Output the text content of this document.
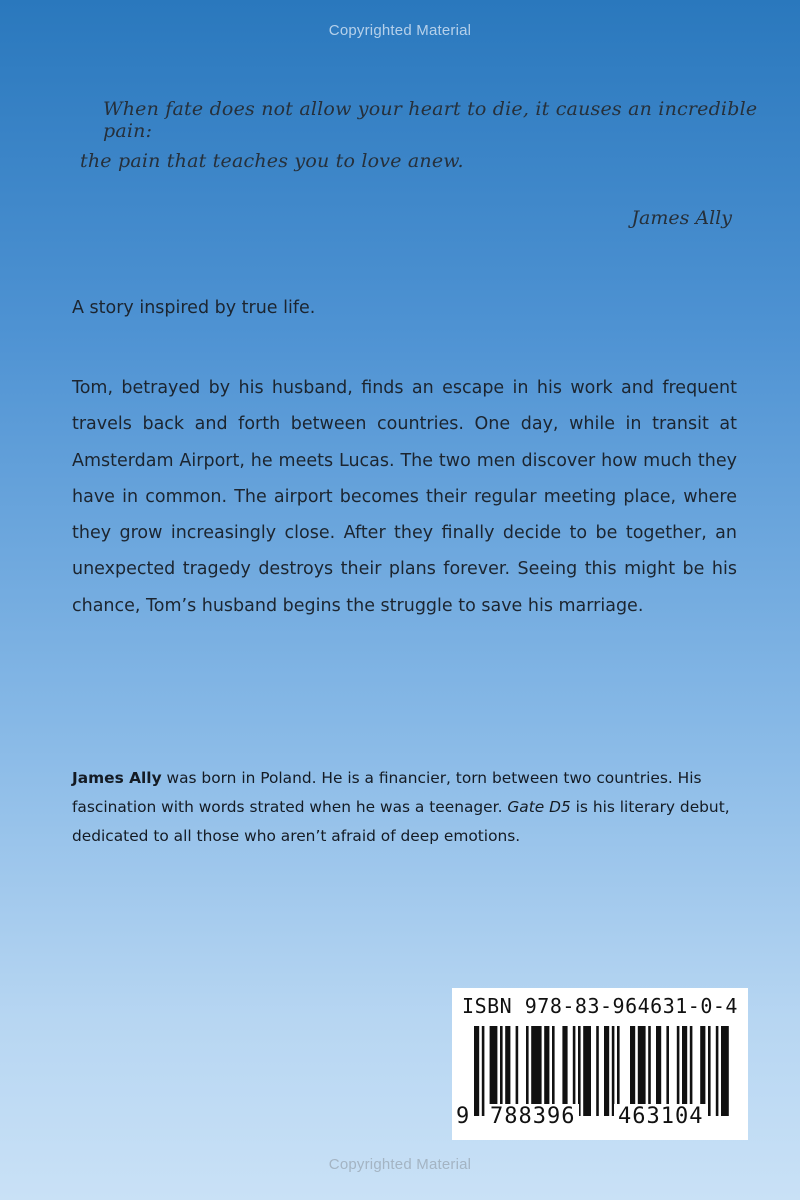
Copyrighted Material
When fate does not allow your heart to die, it causes an incredible pain:
the pain that teaches you to love anew.
James Ally
A story inspired by true life.

Tom, betrayed by his husband, finds an escape in his work and frequent travels back and forth between countries. One day, while in transit at Amsterdam Airport, he meets Lucas. The two men discover how much they have in common. The airport becomes their regular meeting place, where they grow increasingly close. After they finally decide to be together, an unexpected tragedy destroys their plans forever. Seeing this might be his chance, Tom’s husband begins the struggle to save his marriage.

James Ally was born in Poland. He is a financier, torn between two countries. His fascination with words strated when he was a teenager. Gate D5 is his literary debut, dedicated to all those who aren’t afraid of deep emotions.

ISBN 978-83-964631-0-4
9 788396 463104
Copyrighted Material
